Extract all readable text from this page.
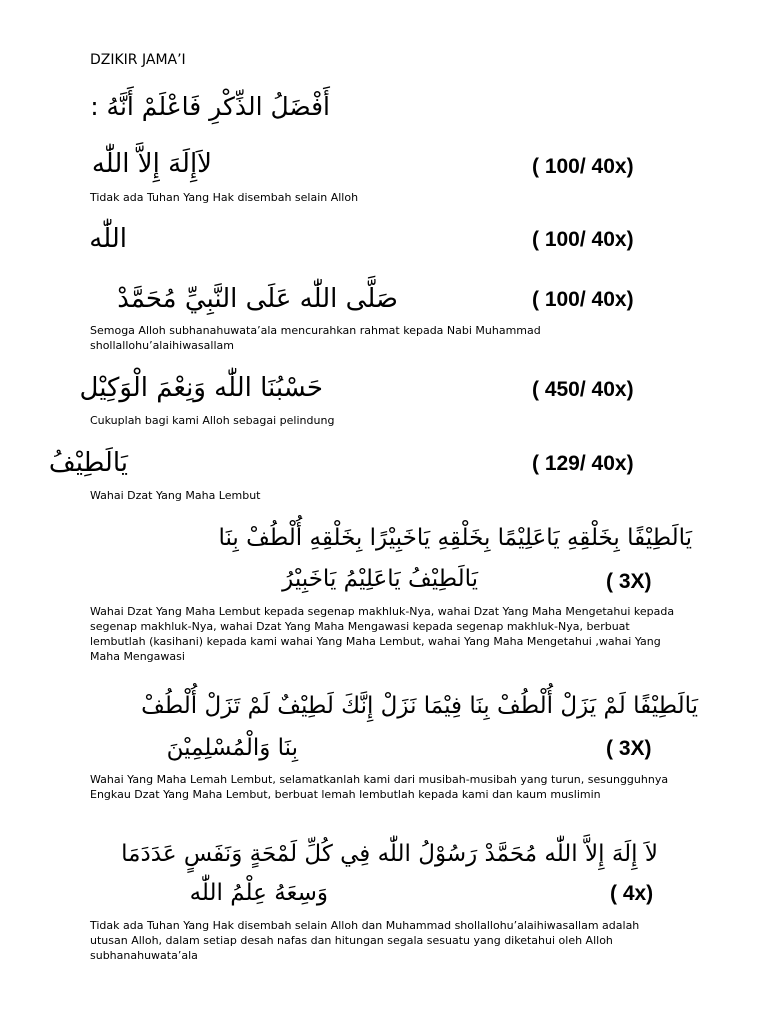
DZIKIR JAMA’I
أَفْضَلُ الذِّكْرِ فَاعْلَمْ أَنَّهُ :
لاَإِلَهَ إِلاَّ اللّٰه	( 100/ 40x)
Tidak ada Tuhan Yang Hak disembah selain Alloh
اللّٰه	( 100/ 40x)
صَلَّى اللّٰه عَلَى النَّبِيِّ مُحَمَّدْ	( 100/ 40x)
Semoga Alloh subhanahuwata’ala mencurahkan rahmat kepada Nabi Muhammad shollallohu’alaihiwasallam
حَسْبُنَا اللّٰه وَنِعْمَ الْوَكِيْل	( 450/ 40x)
Cukuplah bagi kami Alloh sebagai pelindung
يَالَطِيْفُ	( 129/ 40x)
Wahai Dzat Yang Maha Lembut
يَالَطِيْفًا بِخَلْقِهِ يَاعَلِيْمًا بِخَلْقِهِ يَاخَبِيْرًا بِخَلْقِهِ أُلْطُفْ بِنَا
يَالَطِيْفُ يَاعَلِيْمُ يَاخَبِيْرُ	( 3X)
Wahai Dzat Yang Maha Lembut kepada segenap makhluk-Nya, wahai Dzat Yang Maha Mengetahui kepada segenap makhluk-Nya, wahai Dzat Yang Maha Mengawasi kepada segenap makhluk-Nya, berbuat lembutlah (kasihani) kepada kami wahai Yang Maha Lembut, wahai Yang Maha Mengetahui ,wahai Yang Maha Mengawasi
يَالَطِيْفًا لَمْ يَزَلْ أُلْطُفْ بِنَا فِيْمَا نَزَلْ إِنَّكَ لَطِيْفٌ لَمْ تَزَلْ أُلْطُفْ
بِنَا وَالْمُسْلِمِيْنَ	( 3X)
Wahai Yang Maha Lemah Lembut, selamatkanlah kami dari musibah-musibah yang turun, sesungguhnya Engkau Dzat Yang Maha Lembut, berbuat lemah lembutlah kepada kami dan kaum muslimin
لاَ إِلَهَ إِلاَّ اللّٰه مُحَمَّدْ رَسُوْلُ اللّٰه فِي كُلِّ لَمْحَةٍ وَنَفَسٍ عَدَدَمَا
وَسِعَهُ عِلْمُ اللّٰه	( 4x)
Tidak ada Tuhan Yang Hak disembah selain Alloh dan Muhammad shollallohu’alaihiwasallam adalah utusan Alloh, dalam setiap desah nafas dan hitungan segala sesuatu yang diketahui oleh Alloh subhanahuwata’ala
